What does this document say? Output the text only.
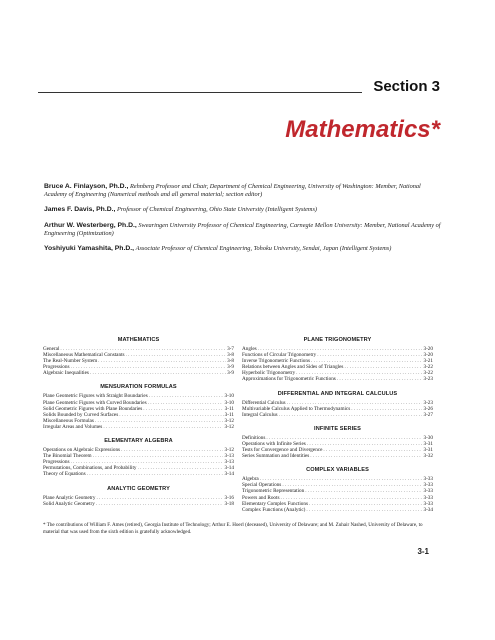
Section 3
Mathematics*
Bruce A. Finlayson, Ph.D., Rehnberg Professor and Chair, Department of Chemical Engineering, University of Washington: Member, National Academy of Engineering (Numerical methods and all general material; section editor)
James F. Davis, Ph.D., Professor of Chemical Engineering, Ohio State University (Intelligent Systems)
Arthur W. Westerberg, Ph.D., Swearingen University Professor of Chemical Engineering, Carnegie Mellon University: Member, National Academy of Engineering (Optimization)
Yoshiyuki Yamashita, Ph.D., Associate Professor of Chemical Engineering, Tohoku University, Sendai, Japan (Intelligent Systems)
MATHEMATICS
General . . .	3-7
Miscellaneous Mathematical Constants . . .	3-8
The Real-Number System . . .	3-8
Progressions . . .	3-9
Algebraic Inequalities . . .	3-9
MENSURATION FORMULAS
Plane Geometric Figures with Straight Boundaries . . .	3-10
Plane Geometric Figures with Curved Boundaries . . .	3-10
Solid Geometric Figures with Plane Boundaries . . .	3-11
Solids Bounded by Curved Surfaces . . .	3-11
Miscellaneous Formulas . . .	3-12
Irregular Areas and Volumes . . .	3-12
ELEMENTARY ALGEBRA
Operations on Algebraic Expressions . . .	3-12
The Binomial Theorem . . .	3-13
Progressions . . .	3-13
Permutations, Combinations, and Probability . . .	3-14
Theory of Equations . . .	3-14
ANALYTIC GEOMETRY
Plane Analytic Geometry . . .	3-16
Solid Analytic Geometry . . .	3-18
PLANE TRIGONOMETRY
Angles . . .	3-20
Functions of Circular Trigonometry . . .	3-20
Inverse Trigonometric Functions . . .	3-21
Relations between Angles and Sides of Triangles . . .	3-22
Hyperbolic Trigonometry . . .	3-22
Approximations for Trigonometric Functions . . .	3-23
DIFFERENTIAL AND INTEGRAL CALCULUS
Differential Calculus . . .	3-23
Multivariable Calculus Applied to Thermodynamics . . .	3-26
Integral Calculus . . .	3-27
INFINITE SERIES
Definitions . . .	3-30
Operations with Infinite Series . . .	3-31
Tests for Convergence and Divergence . . .	3-31
Series Summation and Identities . . .	3-32
COMPLEX VARIABLES
Algebra . . .	3-33
Special Operations . . .	3-33
Trigonometric Representation . . .	3-33
Powers and Roots . . .	3-33
Elementary Complex Functions . . .	3-33
Complex Functions (Analytic) . . .	3-34
* The contributions of William F. Ames (retired), Georgia Institute of Technology; Arthur E. Hoerl (deceased), University of Delaware; and M. Zuhair Nashed, University of Delaware, to material that was used from the sixth edition is gratefully acknowledged.
3-1
